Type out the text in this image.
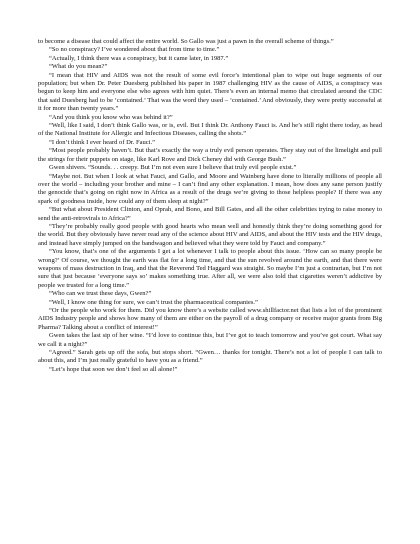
to become a disease that could affect the entire world. So Gallo was just a pawn in the overall scheme of things.”

“So no conspiracy? I’ve wondered about that from time to time.”

“Actually, I think there was a conspiracy, but it came later, in 1987.”

“What do you mean?”

“I mean that HIV and AIDS was not the result of some evil force’s intentional plan to wipe out huge segments of our population; but when Dr. Peter Duesberg published his paper in 1987 challenging HIV as the cause of AIDS, a conspiracy was begun to keep him and everyone else who agrees with him quiet. There’s even an internal memo that circulated around the CDC that said Duesberg had to be ‘contained.’ That was the word they used – ‘contained.’ And obviously, they were pretty successful at it for more than twenty years.”

“And you think you know who was behind it?”

“Well, like I said, I don’t think Gallo was, or is, evil. But I think Dr. Anthony Fauci is. And he’s still right there today, as head of the National Institute for Allergic and Infectious Diseases, calling the shots.”

“I don’t think I ever heard of Dr. Fauci.”

“Most people probably haven’t. But that’s exactly the way a truly evil person operates. They stay out of the limelight and pull the strings for their puppets on stage, like Karl Rove and Dick Cheney did with George Bush.”

Gwen shivers. “Sounds. . . creepy. But I’m not even sure I believe that truly evil people exist.”

“Maybe not. But when I look at what Fauci, and Gallo, and Moore and Wainberg have done to literally millions of people all over the world – including your brother and mine – I can’t find any other explanation. I mean, how does any sane person justify the genocide that’s going on right now in Africa as a result of the drugs we’re giving to those helpless people? If there was any spark of goodness inside, how could any of them sleep at night?”

“But what about President Clinton, and Oprah, and Bono, and Bill Gates, and all the other celebrities trying to raise money to send the anti-retrovirals to Africa?”

“They’re probably really good people with good hearts who mean well and honestly think they’re doing something good for the world. But they obviously have never read any of the science about HIV and AIDS, and about the HIV tests and the HIV drugs, and instead have simply jumped on the bandwagon and believed what they were told by Fauci and company.”

“You know, that’s one of the arguments I get a lot whenever I talk to people about this issue. ‘How can so many people be wrong?’ Of course, we thought the earth was flat for a long time, and that the sun revolved around the earth, and that there were weapons of mass destruction in Iraq, and that the Reverend Ted Haggard was straight. So maybe I’m just a contrarian, but I’m not sure that just because ‘everyone says so’ makes something true. After all, we were also told that cigarettes weren’t addictive by people we trusted for a long time.”

“Who can we trust these days, Gwen?”

“Well, I know one thing for sure, we can’t trust the pharmaceutical companies.”

“Or the people who work for them. Did you know there’s a website called www.shillfactor.net that lists a lot of the prominent AIDS Industry people and shows how many of them are either on the payroll of a drug company or receive major grants from Big Pharma? Talking about a conflict of interest!”

Gwen takes the last sip of her wine. “I’d love to continue this, but I’ve got to teach tomorrow and you’ve got court. What say we call it a night?”

“Agreed.” Sarah gets up off the sofa, but stops short. “Gwen… thanks for tonight. There’s not a lot of people I can talk to about this, and I’m just really grateful to have you as a friend.”

“Let’s hope that soon we don’t feel so all alone!”
